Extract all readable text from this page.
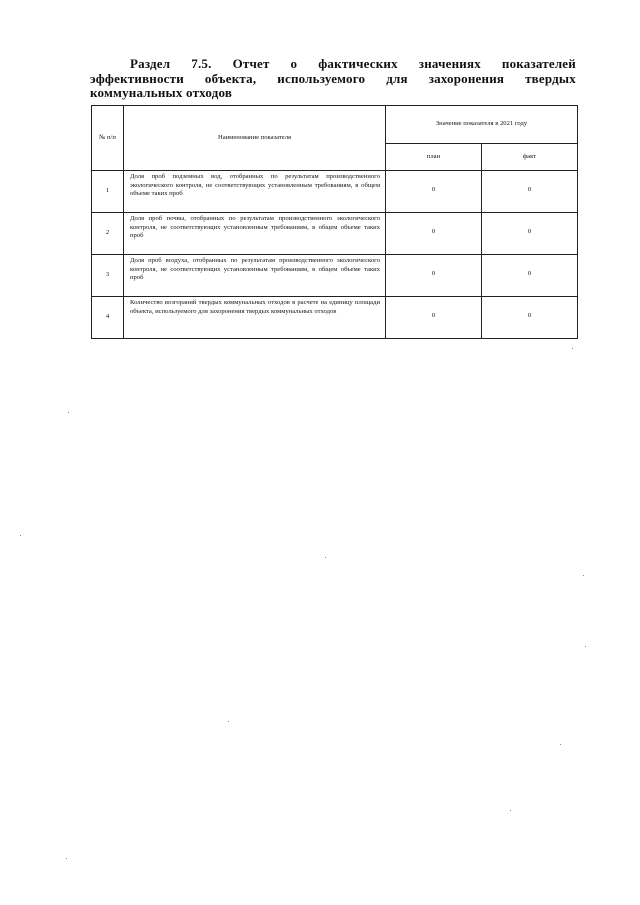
Раздел 7.5. Отчет о фактических значениях показателей
эффективности объекта, используемого для захоронения твердых
коммунальных отходов
№ п/п	Наименование показателя	Значение показателя в 2021 году	
		план	факт
1	Доля проб подземных вод, отобранных по результатам производственного экологического контроля, не соответствующих установленным требованиям, в общем объеме таких проб	0	0
2	Доля проб почвы, отобранных по результатам производственного экологического контроля, не соответствующих установленным требованиям, в общем объеме таких проб	0	0
3	Доля проб воздуха, отобранных по результатам производственного экологического контроля, не соответствующих установленным требованиям, в общем объеме таких проб	0	0
4	Количество возгораний твердых коммунальных отходов в расчете на единицу площади объекта, используемого для захоронения твердых коммунальных отходов	0	0
